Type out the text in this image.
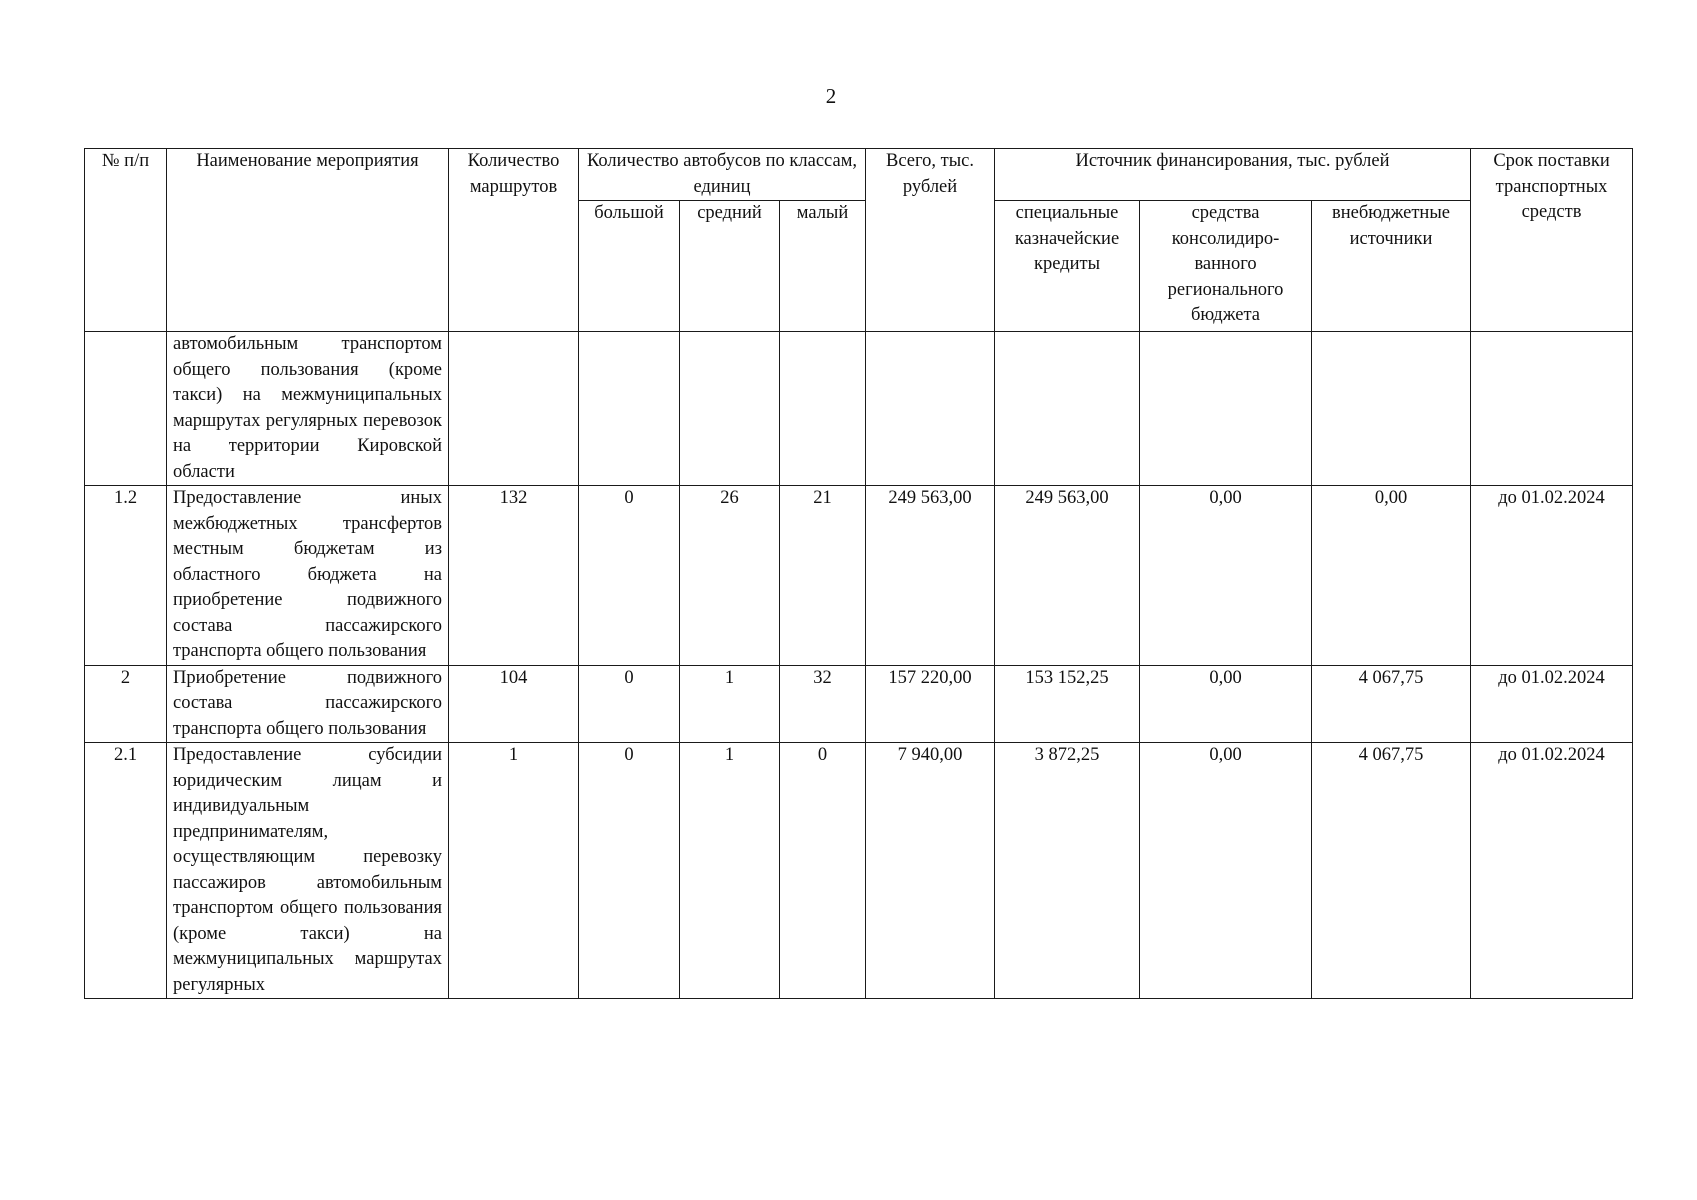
2
№ п/п	Наименование мероприятия	Количество маршрутов	Количество автобусов по классам, единиц			Всего, тыс. рублей	Источник финансирования, тыс. рублей			Срок поставки транспортных средств
			большой	средний	малый		специальные казначейские кредиты	средства консолидиро-ванного регионального бюджета	внебюджетные источники	
	автомобильным транспортом общего пользования (кроме такси) на межмуниципальных маршрутах регулярных перевозок на территории Кировской области									
1.2	Предоставление иных межбюджетных трансфертов местным бюджетам из областного бюджета на приобретение подвижного состава пассажирского транспорта общего пользования	132	0	26	21	249 563,00	249 563,00	0,00	0,00	до 01.02.2024
2	Приобретение подвижного состава пассажирского транспорта общего пользования	104	0	1	32	157 220,00	153 152,25	0,00	4 067,75	до 01.02.2024
2.1	Предоставление субсидии юридическим лицам и индивидуальным предпринимателям, осуществляющим перевозку пассажиров автомобильным транспортом общего пользования (кроме такси) на межмуниципальных маршрутах регулярных	1	0	1	0	7 940,00	3 872,25	0,00	4 067,75	до 01.02.2024
